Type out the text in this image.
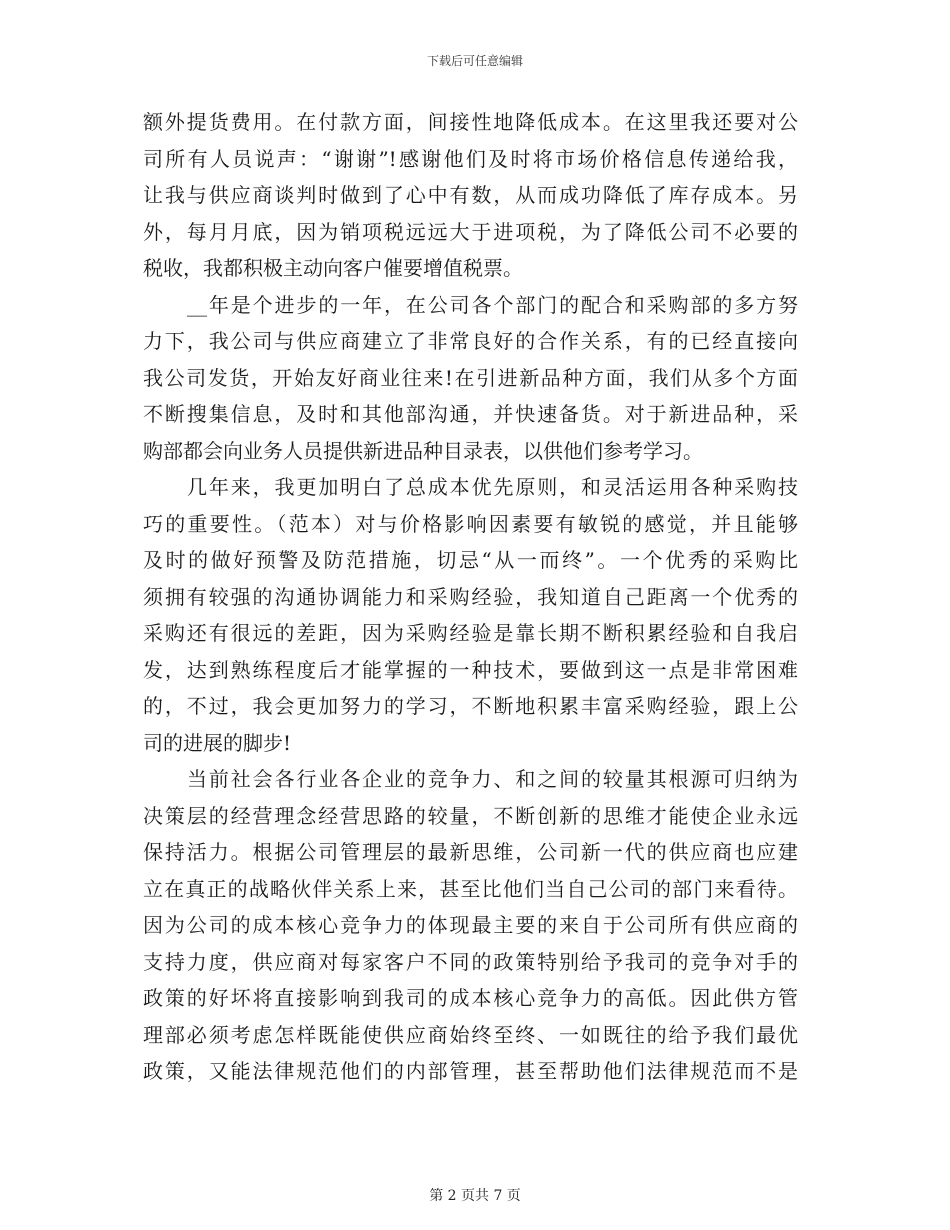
下载后可任意编辑
额外提货费用。在付款方面，间接性地降低成本。在这里我还要对公
司所有人员说声：“谢谢”!感谢他们及时将市场价格信息传递给我，
让我与供应商谈判时做到了心中有数，从而成功降低了库存成本。另
外，每月月底，因为销项税远远大于进项税，为了降低公司不必要的
税收，我都积极主动向客户催要增值税票。
__年是个进步的一年，在公司各个部门的配合和采购部的多方努
力下，我公司与供应商建立了非常良好的合作关系，有的已经直接向
我公司发货，开始友好商业往来!在引进新品种方面，我们从多个方面
不断搜集信息，及时和其他部沟通，并快速备货。对于新进品种，采
购部都会向业务人员提供新进品种目录表，以供他们参考学习。
几年来，我更加明白了总成本优先原则，和灵活运用各种采购技
巧的重要性。（范本）对与价格影响因素要有敏锐的感觉，并且能够
及时的做好预警及防范措施，切忌“从一而终”。一个优秀的采购比
须拥有较强的沟通协调能力和采购经验，我知道自己距离一个优秀的
采购还有很远的差距，因为采购经验是靠长期不断积累经验和自我启
发，达到熟练程度后才能掌握的一种技术，要做到这一点是非常困难
的，不过，我会更加努力的学习，不断地积累丰富采购经验，跟上公
司的进展的脚步!
当前社会各行业各企业的竞争力、和之间的较量其根源可归纳为
决策层的经营理念经营思路的较量，不断创新的思维才能使企业永远
保持活力。根据公司管理层的最新思维，公司新一代的供应商也应建
立在真正的战略伙伴关系上来，甚至比他们当自己公司的部门来看待。
因为公司的成本核心竞争力的体现最主要的来自于公司所有供应商的
支持力度，供应商对每家客户不同的政策特别给予我司的竞争对手的
政策的好坏将直接影响到我司的成本核心竞争力的高低。因此供方管
理部必须考虑怎样既能使供应商始终至终、一如既往的给予我们最优
政策，又能法律规范他们的内部管理，甚至帮助他们法律规范而不是
第 2 页共 7 页
